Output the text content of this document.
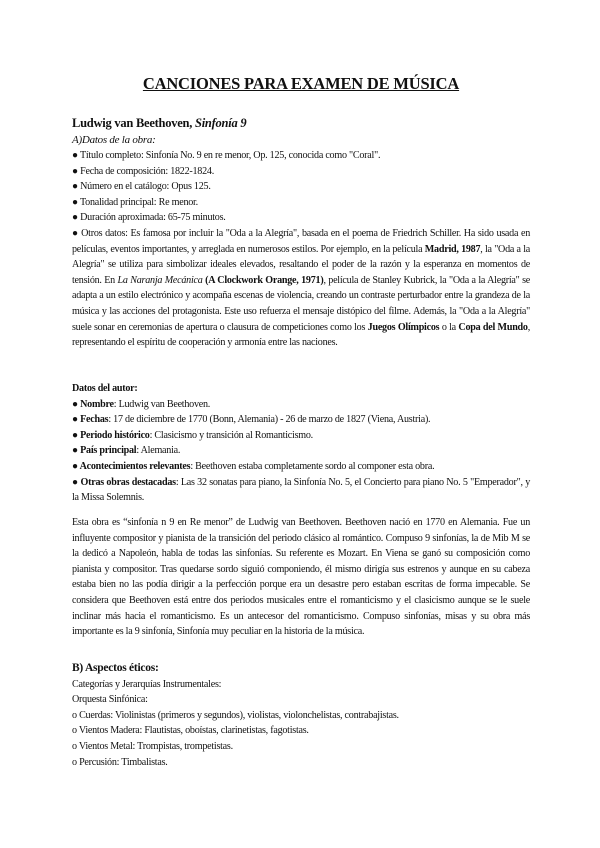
CANCIONES PARA EXAMEN DE MÚSICA
Ludwig van Beethoven, Sinfonía 9
A)Datos de la obra:
● Título completo: Sinfonía No. 9 en re menor, Op. 125, conocida como "Coral".
● Fecha de composición: 1822-1824.
● Número en el catálogo: Opus 125.
● Tonalidad principal: Re menor.
● Duración aproximada: 65-75 minutos.
● Otros datos: Es famosa por incluir la "Oda a la Alegría", basada en el poema de Friedrich Schiller. Ha sido usada en películas, eventos importantes, y arreglada en numerosos estilos. Por ejemplo, en la película Madrid, 1987, la "Oda a la Alegría" se utiliza para simbolizar ideales elevados, resaltando el poder de la razón y la esperanza en momentos de tensión. En La Naranja Mecánica (A Clockwork Orange, 1971), película de Stanley Kubrick, la "Oda a la Alegría" se adapta a un estilo electrónico y acompaña escenas de violencia, creando un contraste perturbador entre la grandeza de la música y las acciones del protagonista. Este uso refuerza el mensaje distópico del filme. Además, la "Oda a la Alegría" suele sonar en ceremonias de apertura o clausura de competiciones como los Juegos Olímpicos o la Copa del Mundo, representando el espíritu de cooperación y armonía entre las naciones.
Datos del autor:
● Nombre: Ludwig van Beethoven.
● Fechas: 17 de diciembre de 1770 (Bonn, Alemania) - 26 de marzo de 1827 (Viena, Austria).
● Periodo histórico: Clasicismo y transición al Romanticismo.
● País principal: Alemania.
● Acontecimientos relevantes: Beethoven estaba completamente sordo al componer esta obra.
● Otras obras destacadas: Las 32 sonatas para piano, la Sinfonía No. 5, el Concierto para piano No. 5 "Emperador", y la Missa Solemnis.
Esta obra es “sinfonía n 9 en Re menor” de Ludwig van Beethoven. Beethoven nació en 1770 en Alemania. Fue un influyente compositor y pianista de la transición del periodo clásico al romántico. Compuso 9 sinfonías, la de Mib M se la dedicó a Napoleón, habla de todas las sinfonías. Su referente es Mozart. En Viena se ganó su composición como pianista y compositor. Tras quedarse sordo siguió componiendo, él mismo dirigía sus estrenos y aunque en su cabeza estaba bien no las podía dirigir a la perfección porque era un desastre pero estaban escritas de forma impecable. Se considera que Beethoven está entre dos periodos musicales entre el romanticismo y el clasicismo aunque se le suele inclinar más hacia el romanticismo. Es un antecesor del romanticismo. Compuso sinfonías, misas y su obra más importante es la 9 sinfonía, Sinfonía muy peculiar en la historia de la música.
B) Aspectos éticos:
Categorías y Jerarquías Instrumentales:
Orquesta Sinfónica:
o Cuerdas: Violinistas (primeros y segundos), violistas, violonchelistas, contrabajistas.
o Vientos Madera: Flautistas, oboístas, clarinetistas, fagotistas.
o Vientos Metal: Trompistas, trompetistas.
o Percusión: Timbalistas.
